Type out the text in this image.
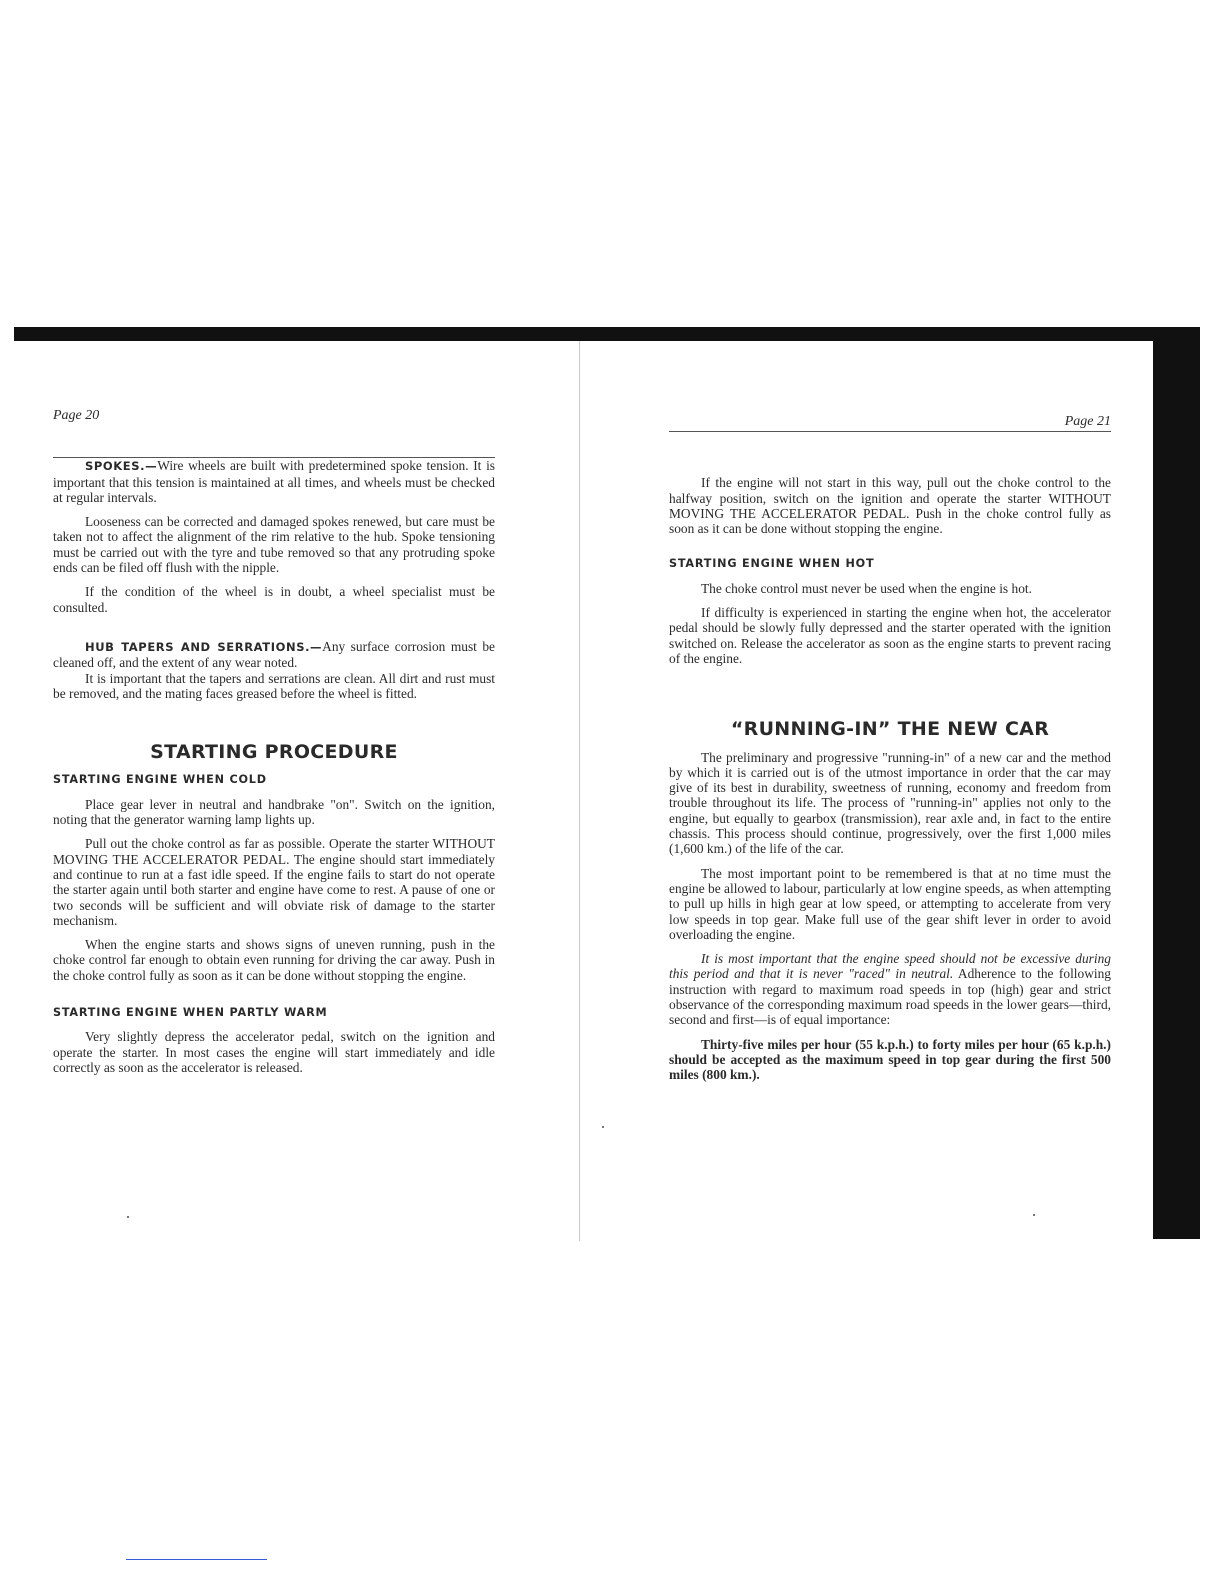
Page 20

SPOKES.—Wire wheels are built with predetermined spoke tension. It is important that this tension is maintained at all times, and wheels must be checked at regular intervals.

Looseness can be corrected and damaged spokes renewed, but care must be taken not to affect the alignment of the rim relative to the hub. Spoke tensioning must be carried out with the tyre and tube removed so that any protruding spoke ends can be filed off flush with the nipple.

If the condition of the wheel is in doubt, a wheel specialist must be consulted.

HUB TAPERS AND SERRATIONS.—Any surface corrosion must be cleaned off, and the extent of any wear noted.

It is important that the tapers and serrations are clean. All dirt and rust must be removed, and the mating faces greased before the wheel is fitted.

STARTING PROCEDURE
STARTING ENGINE WHEN COLD

Place gear lever in neutral and handbrake "on". Switch on the ignition, noting that the generator warning lamp lights up.

Pull out the choke control as far as possible. Operate the starter WITHOUT MOVING THE ACCELERATOR PEDAL. The engine should start immediately and continue to run at a fast idle speed. If the engine fails to start do not operate the starter again until both starter and engine have come to rest. A pause of one or two seconds will be sufficient and will obviate risk of damage to the starter mechanism.

When the engine starts and shows signs of uneven running, push in the choke control far enough to obtain even running for driving the car away. Push in the choke control fully as soon as it can be done without stopping the engine.

STARTING ENGINE WHEN PARTLY WARM

Very slightly depress the accelerator pedal, switch on the ignition and operate the starter. In most cases the engine will start immediately and idle correctly as soon as the accelerator is released.

Page 21

If the engine will not start in this way, pull out the choke control to the halfway position, switch on the ignition and operate the starter WITHOUT MOVING THE ACCELERATOR PEDAL. Push in the choke control fully as soon as it can be done without stopping the engine.

STARTING ENGINE WHEN HOT

The choke control must never be used when the engine is hot.

If difficulty is experienced in starting the engine when hot, the accelerator pedal should be slowly fully depressed and the starter operated with the ignition switched on. Release the accelerator as soon as the engine starts to prevent racing of the engine.

“RUNNING-IN” THE NEW CAR

The preliminary and progressive "running-in" of a new car and the method by which it is carried out is of the utmost importance in order that the car may give of its best in durability, sweetness of running, economy and freedom from trouble throughout its life. The process of "running-in" applies not only to the engine, but equally to gearbox (transmission), rear axle and, in fact to the entire chassis. This process should continue, progressively, over the first 1,000 miles (1,600 km.) of the life of the car.

The most important point to be remembered is that at no time must the engine be allowed to labour, particularly at low engine speeds, as when attempting to pull up hills in high gear at low speed, or attempting to accelerate from very low speeds in top gear. Make full use of the gear shift lever in order to avoid overloading the engine.

It is most important that the engine speed should not be excessive during this period and that it is never "raced" in neutral. Adherence to the following instruction with regard to maximum road speeds in top (high) gear and strict observance of the corresponding maximum road speeds in the lower gears—third, second and first—is of equal importance:

Thirty-five miles per hour (55 k.p.h.) to forty miles per hour (65 k.p.h.) should be accepted as the maximum speed in top gear during the first 500 miles (800 km.).
